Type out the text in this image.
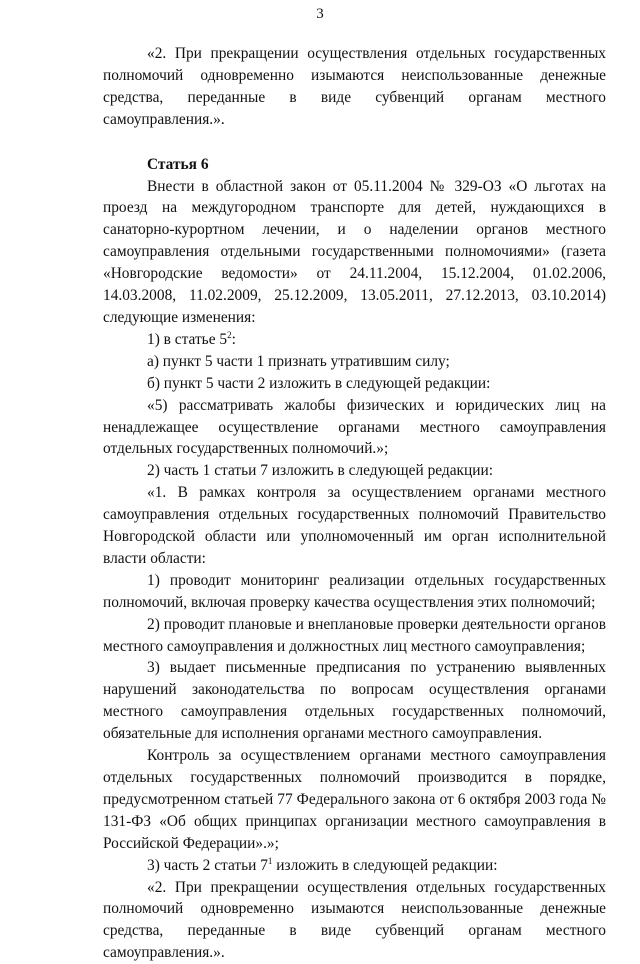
3

«2. При прекращении осуществления отдельных государственных полномочий одновременно изымаются неиспользованные денежные средства, переданные в виде субвенций органам местного самоуправления.».

Статья 6

Внести в областной закон от 05.11.2004 № 329-ОЗ «О льготах на проезд на междугородном транспорте для детей, нуждающихся в санаторно-курортном лечении, и о наделении органов местного самоуправления отдельными государственными полномочиями» (газета «Новгородские ведомости» от 24.11.2004, 15.12.2004, 01.02.2006, 14.03.2008, 11.02.2009, 25.12.2009, 13.05.2011, 27.12.2013, 03.10.2014) следующие изменения:

1) в статье $5^2$:

а) пункт 5 части 1 признать утратившим силу;

б) пункт 5 части 2 изложить в следующей редакции:

«5) рассматривать жалобы физических и юридических лиц на ненадлежащее осуществление органами местного самоуправления отдельных государственных полномочий.»;

2) часть 1 статьи 7 изложить в следующей редакции:

«1. В рамках контроля за осуществлением органами местного самоуправления отдельных государственных полномочий Правительство Новгородской области или уполномоченный им орган исполнительной власти области:

1) проводит мониторинг реализации отдельных государственных полномочий, включая проверку качества осуществления этих полномочий;

2) проводит плановые и внеплановые проверки деятельности органов местного самоуправления и должностных лиц местного самоуправления;

3) выдает письменные предписания по устранению выявленных нарушений законодательства по вопросам осуществления органами местного самоуправления отдельных государственных полномочий, обязательные для исполнения органами местного самоуправления.

Контроль за осуществлением органами местного самоуправления отдельных государственных полномочий производится в порядке, предусмотренном статьей 77 Федерального закона от 6 октября 2003 года № 131-ФЗ «Об общих принципах организации местного самоуправления в Российской Федерации».»;

3) часть 2 статьи $7^1$ изложить в следующей редакции:

«2. При прекращении осуществления отдельных государственных полномочий одновременно изымаются неиспользованные денежные средства, переданные в виде субвенций органам местного самоуправления.».
